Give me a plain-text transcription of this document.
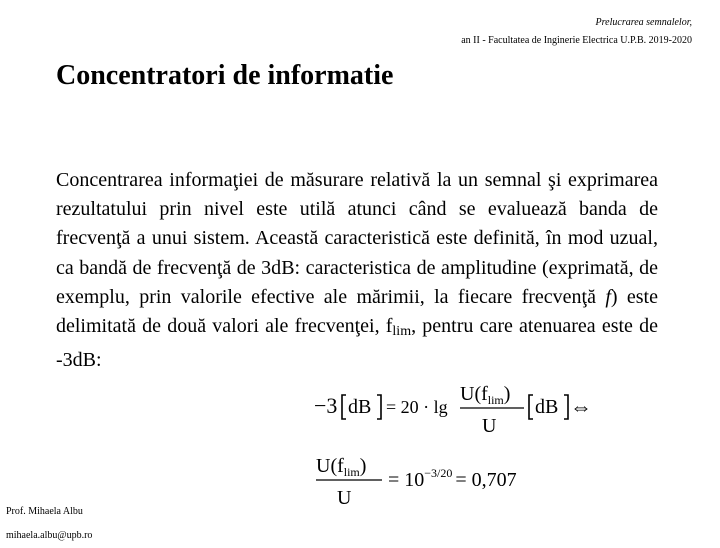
Prelucrarea semnalelor,
an II - Facultatea de Inginerie Electrica U.P.B. 2019-2020
Concentratori de informatie

Concentrarea informaţiei de măsurare relativă la un semnal şi exprimarea rezultatului prin nivel este utilă atunci când se evaluează banda de frecvenţă a unui sistem. Această caracteristică este definită, în mod uzual, ca bandă de frecvenţă de 3dB: caracteristica de amplitudine (exprimată, de exemplu, prin valorile efective ale mărimii, la fiecare frecvenţă f) este delimitată de două valori ale frecvenţei, $f_{lim}$, pentru care atenuarea este de -3dB:

−3 dB = 20 · lg
$U(f_{lim})$
U
dB ⇔
$U(f_{lim})$
U
= $10^{-3/20} = 0,707$
Prof. Mihaela Albu
mihaela.albu@upb.ro
